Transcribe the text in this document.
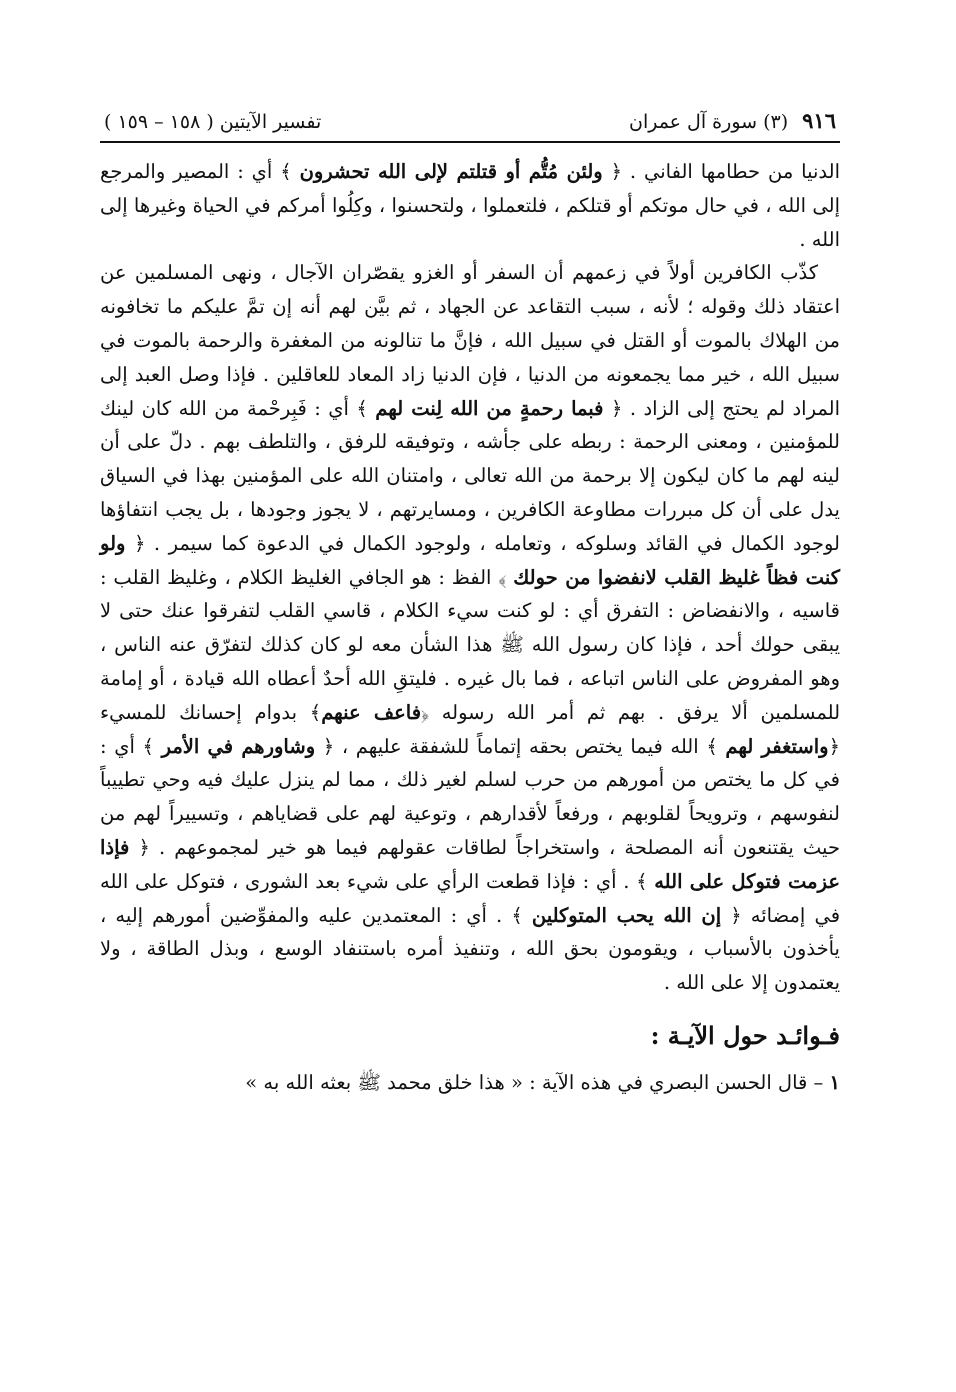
٩١٦
(٣) سورة آل عمران
تفسير الآيتين ( ١٥٨ – ١٥٩ )

الدنيا من حطامها الفاني . ﴿ ولئن مُتُّم أو قتلتم لإلى الله تحشرون ﴾ أي : المصير والمرجع إلى الله ، في حال موتكم أو قتلكم ، فلتعملوا ، ولتحسنوا ، وكِلُوا أمركم في الحياة وغيرها إلى الله .

كذّب الكافرين أولاً في زعمهم أن السفر أو الغزو يقصّران الآجال ، ونهى المسلمين عن اعتقاد ذلك وقوله ؛ لأنه ، سبب التقاعد عن الجهاد ، ثم بيَّن لهم أنه إن تمَّ عليكم ما تخافونه من الهلاك بالموت أو القتل في سبيل الله ، فإنَّ ما تنالونه من المغفرة والرحمة بالموت في سبيل الله ، خير مما يجمعونه من الدنيا ، فإن الدنيا زاد المعاد للعاقلين . فإذا وصل العبد إلى المراد لم يحتج إلى الزاد . ﴿ فبما رحمةٍ من الله لِنت لهم ﴾ أي : فَبِرحْمة من الله كان لينك للمؤمنين ، ومعنى الرحمة : ربطه على جأشه ، وتوفيقه للرفق ، والتلطف بهم . دلّ على أن لينه لهم ما كان ليكون إلا برحمة من الله تعالى ، وامتنان الله على المؤمنين بهذا في السياق يدل على أن كل مبررات مطاوعة الكافرين ، ومسايرتهم ، لا يجوز وجودها ، بل يجب انتفاؤها لوجود الكمال في القائد وسلوكه ، وتعامله ، ولوجود الكمال في الدعوة كما سيمر . ﴿ ولو كنت فظاً غليظ القلب لانفضوا من حولك ﴾ الفظ : هو الجافي الغليظ الكلام ، وغليظ القلب : قاسيه ، والانفضاض : التفرق أي : لو كنت سيء الكلام ، قاسي القلب لتفرقوا عنك حتى لا يبقى حولك أحد ، فإذا كان رسول الله ﷺ هذا الشأن معه لو كان كذلك لتفرّق عنه الناس ، وهو المفروض على الناس اتباعه ، فما بال غيره . فليتقِ الله أحدٌ أعطاه الله قيادة ، أو إمامة للمسلمين ألا يرفق . بهم ثم أمر الله رسوله ﴿فاعف عنهم﴾ بدوام إحسانك للمسيء ﴿واستغفر لهم ﴾ الله فيما يختص بحقه إتماماً للشفقة عليهم ، ﴿ وشاورهم في الأمر ﴾ أي : في كل ما يختص من أمورهم من حرب لسلم لغير ذلك ، مما لم ينزل عليك فيه وحي تطييباً لنفوسهم ، وترويحاً لقلوبهم ، ورفعاً لأقدارهم ، وتوعية لهم على قضاياهم ، وتسييراً لهم من حيث يقتنعون أنه المصلحة ، واستخراجاً لطاقات عقولهم فيما هو خير لمجموعهم . ﴿ فإذا عزمت فتوكل على الله ﴾ . أي : فإذا قطعت الرأي على شيء بعد الشورى ، فتوكل على الله في إمضائه ﴿ إن الله يحب المتوكلين ﴾ . أي : المعتمدين عليه والمفوِّضين أمورهم إليه ، يأخذون بالأسباب ، ويقومون بحق الله ، وتنفيذ أمره باستنفاد الوسع ، وبذل الطاقة ، ولا يعتمدون إلا على الله .

فـوائـد حول الآيـة :
١ – قال الحسن البصري في هذه الآية : « هذا خلق محمد ﷺ بعثه الله به »
